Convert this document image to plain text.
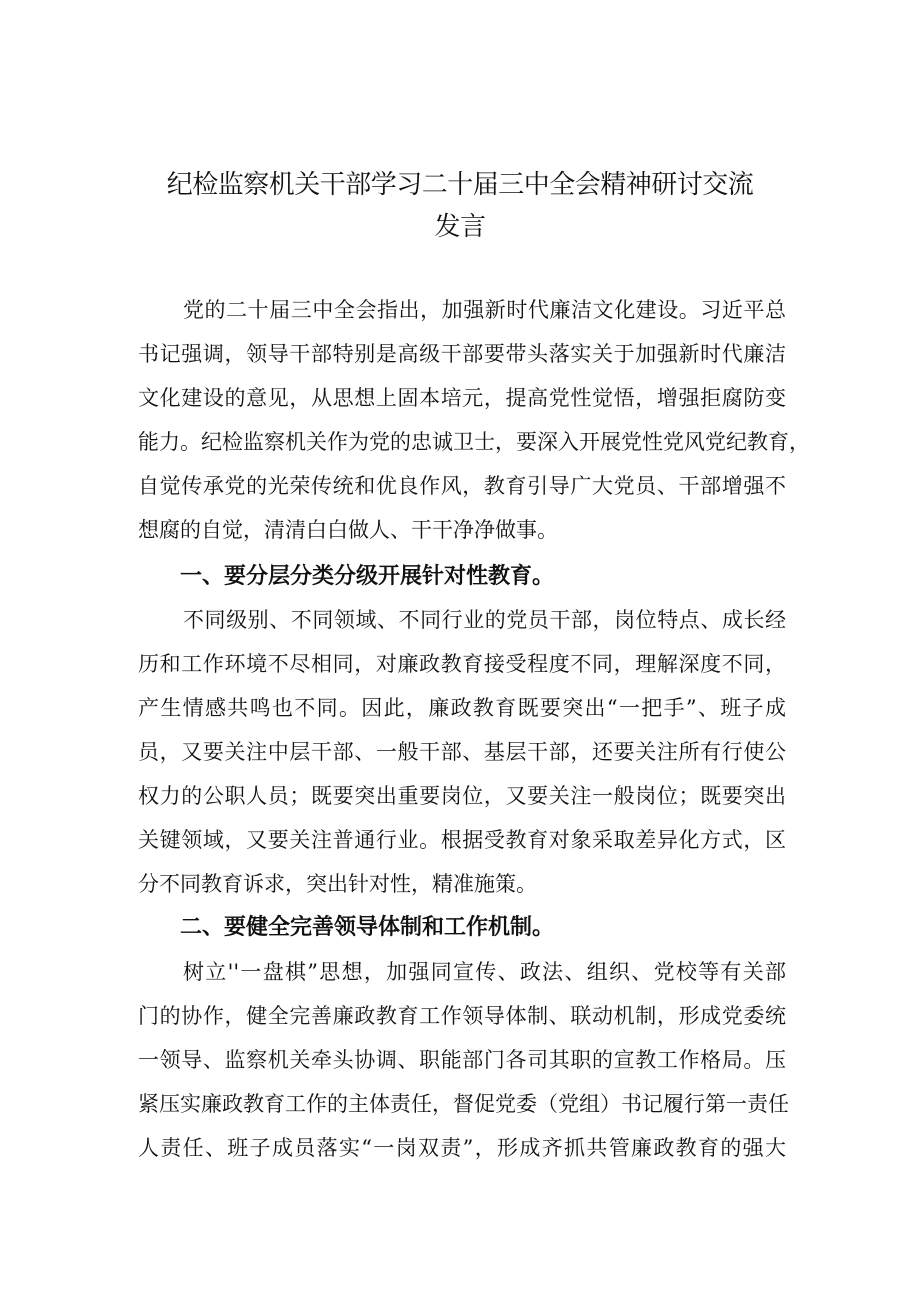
纪检监察机关干部学习二十届三中全会精神研讨交流
发言

党的二十届三中全会指出，加强新时代廉洁文化建设。习近平总

书记强调，领导干部特别是高级干部要带头落实关于加强新时代廉洁

文化建设的意见，从思想上固本培元，提高党性觉悟，增强拒腐防变

能力。纪检监察机关作为党的忠诚卫士，要深入开展党性党风党纪教育，

自觉传承党的光荣传统和优良作风，教育引导广大党员、干部增强不

想腐的自觉，清清白白做人、干干净净做事。

一、要分层分类分级开展针对性教育。

不同级别、不同领域、不同行业的党员干部，岗位特点、成长经

历和工作环境不尽相同，对廉政教育接受程度不同，理解深度不同，

产生情感共鸣也不同。因此，廉政教育既要突出“一把手”、班子成

员，又要关注中层干部、一般干部、基层干部，还要关注所有行使公

权力的公职人员；既要突出重要岗位，又要关注一般岗位；既要突出

关键领域，又要关注普通行业。根据受教育对象采取差异化方式，区

分不同教育诉求，突出针对性，精准施策。

二、要健全完善领导体制和工作机制。

树立''一盘棋”思想，加强同宣传、政法、组织、党校等有关部

门的协作，健全完善廉政教育工作领导体制、联动机制，形成党委统

一领导、监察机关牵头协调、职能部门各司其职的宣教工作格局。压

紧压实廉政教育工作的主体责任，督促党委（党组）书记履行第一责任

人责任、班子成员落实“一岗双责”，形成齐抓共管廉政教育的强大
